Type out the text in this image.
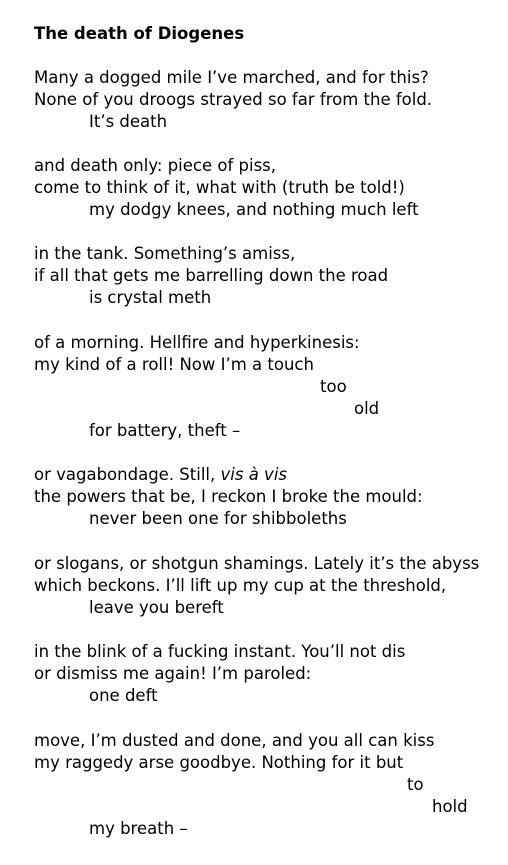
The death of Diogenes
Many a dogged mile I’ve marched, and for this?
None of you droogs strayed so far from the fold.
It’s death
and death only: piece of piss,
come to think of it, what with (truth be told!)
my dodgy knees, and nothing much left
in the tank. Something’s amiss,
if all that gets me barrelling down the road
is crystal meth
of a morning. Hellfire and hyperkinesis:
my kind of a roll! Now I’m a touch
too
old
for battery, theft –
or vagabondage. Still, vis à vis
the powers that be, I reckon I broke the mould:
never been one for shibboleths
or slogans, or shotgun shamings. Lately it’s the abyss
which beckons. I’ll lift up my cup at the threshold,
leave you bereft
in the blink of a fucking instant. You’ll not dis
or dismiss me again! I’m paroled:
one deft
move, I’m dusted and done, and you all can kiss
my raggedy arse goodbye. Nothing for it but
to
hold
my breath –
